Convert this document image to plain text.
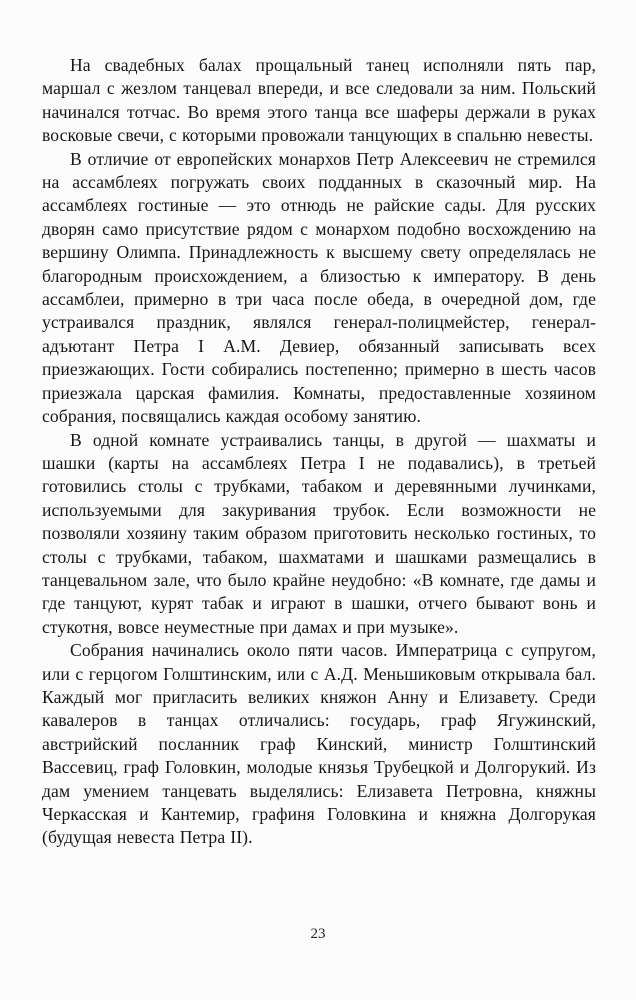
На свадебных балах прощальный танец исполняли пять пар, маршал с жезлом танцевал впереди, и все следовали за ним. Польский начинался тотчас. Во время этого танца все шаферы держали в руках восковые свечи, с которыми провожали танцующих в спальню невесты.

В отличие от европейских монархов Петр Алексеевич не стремился на ассамблеях погружать своих подданных в сказочный мир. На ассамблеях гостиные — это отнюдь не райские сады. Для русских дворян само присутствие рядом с монархом подобно восхождению на вершину Олимпа. Принадлежность к высшему свету определялась не благородным происхождением, а близостью к императору. В день ассамблеи, примерно в три часа после обеда, в очередной дом, где устраивался праздник, являлся генерал-полицмейстер, генерал-адъютант Петра I А.М. Девиер, обязанный записывать всех приезжающих. Гости собирались постепенно; примерно в шесть часов приезжала царская фамилия. Комнаты, предоставленные хозяином собрания, посвящались каждая особому занятию.

В одной комнате устраивались танцы, в другой — шахматы и шашки (карты на ассамблеях Петра I не подавались), в третьей готовились столы с трубками, табаком и деревянными лучинками, используемыми для закуривания трубок. Если возможности не позволяли хозяину таким образом приготовить несколько гостиных, то столы с трубками, табаком, шахматами и шашками размещались в танцевальном зале, что было крайне неудобно: «В комнате, где дамы и где танцуют, курят табак и играют в шашки, отчего бывают вонь и стукотня, вовсе неуместные при дамах и при музыке».

Собрания начинались около пяти часов. Императрица с супругом, или с герцогом Голштинским, или с А.Д. Меньшиковым открывала бал. Каждый мог пригласить великих княжон Анну и Елизавету. Среди кавалеров в танцах отличались: государь, граф Ягужинский, австрийский посланник граф Кинский, министр Голштинский Вассевиц, граф Головкин, молодые князья Трубецкой и Долгорукий. Из дам умением танцевать выделялись: Елизавета Петровна, княжны Черкасская и Кантемир, графиня Головкина и княжна Долгорукая (будущая невеста Петра II).

23
